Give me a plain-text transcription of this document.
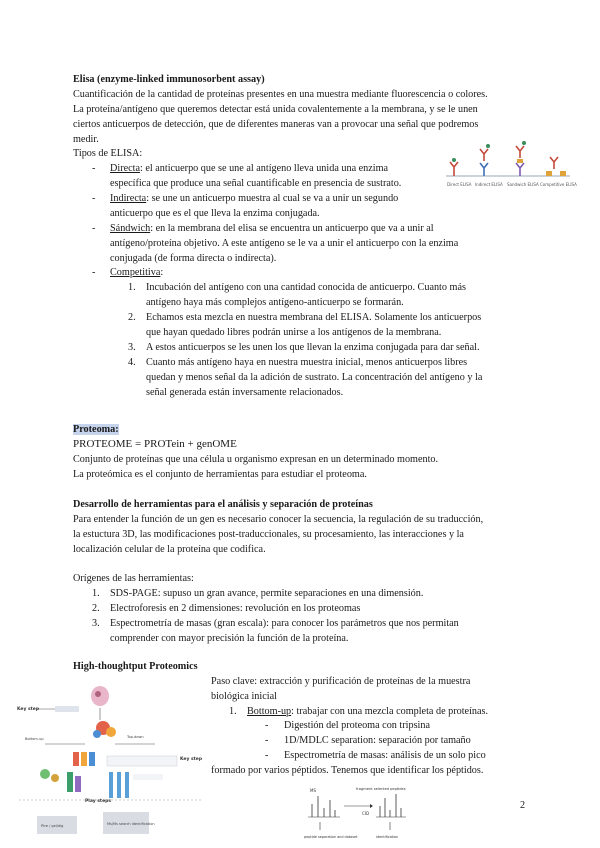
Elisa (enzyme-linked immunosorbent assay)
Cuantificación de la cantidad de proteínas presentes en una muestra mediante fluorescencia o colores.
La proteína/antígeno que queremos detectar está unida covalentemente a la membrana, y se le unen
ciertos anticuerpos de detección, que de diferentes maneras van a provocar una señal que podremos
medir.
Tipos de ELISA:
- Directa: el anticuerpo que se une al antígeno lleva unida una enzima
específica que produce una señal cuantificable en presencia de sustrato.
- Indirecta: se une un anticuerpo muestra al cual se va a unir un segundo
anticuerpo que es el que lleva la enzima conjugada.
- Sándwich: en la membrana del elisa se encuentra un anticuerpo que va a unir al
antígeno/proteína objetivo. A este antígeno se le va a unir el anticuerpo con la enzima
conjugada (de forma directa o indirecta).
- Competitiva:
1. Incubación del antígeno con una cantidad conocida de anticuerpo. Cuanto más
antígeno haya más complejos antígeno-anticuerpo se formarán.
2. Echamos esta mezcla en nuestra membrana del ELISA. Solamente los anticuerpos
que hayan quedado libres podrán unirse a los antígenos de la membrana.
3. A estos anticuerpos se les unen los que llevan la enzima conjugada para dar señal.
4. Cuanto más antígeno haya en nuestra muestra inicial, menos anticuerpos libres
quedan y menos señal da la adición de sustrato. La concentración del antígeno y la
señal generada están inversamente relacionados.
Direct ELISA Indirect ELISA Sandwich ELISA Competitive ELISA
Proteoma:
PROTEOME = PROTein + genOME
Conjunto de proteínas que una célula u organismo expresan en un determinado momento.
La proteómica es el conjunto de herramientas para estudiar el proteoma.
Desarrollo de herramientas para el análisis y separación de proteínas
Para entender la función de un gen es necesario conocer la secuencia, la regulación de su traducción,
la estuctura 3D, las modificaciones post-traduccionales, su procesamiento, las interacciones y la
localización celular de la proteína que codifica.
Orígenes de las herramientas:
1. SDS-PAGE: supuso un gran avance, permite separaciones en una dimensión.
2. Electroforesis en 2 dimensiones: revolución en los proteomas
3. Espectrometría de masas (gran escala): para conocer los parámetros que nos permitan
comprender con mayor precisión la función de la proteína.
High-thoughtput Proteomics
Paso clave: extracción y purificación de proteínas de la muestra
biológica inicial
1. Bottom-up: trabajar con una mezcla completa de proteínas.
- Digestión del proteoma con tripsina
- 1D/MDLC separation: separación por tamaño
- Espectrometría de masas: análisis de un solo pico
formado por varios péptidos. Tenemos que identificar los péptidos.
Key step
Bottom-up	Top-down
Key step
Play steps
Ptre / gel/dig	Ms/Ms search identification
MS	fragment selected peptides
CID
peptide separation and dataset	identification
2
